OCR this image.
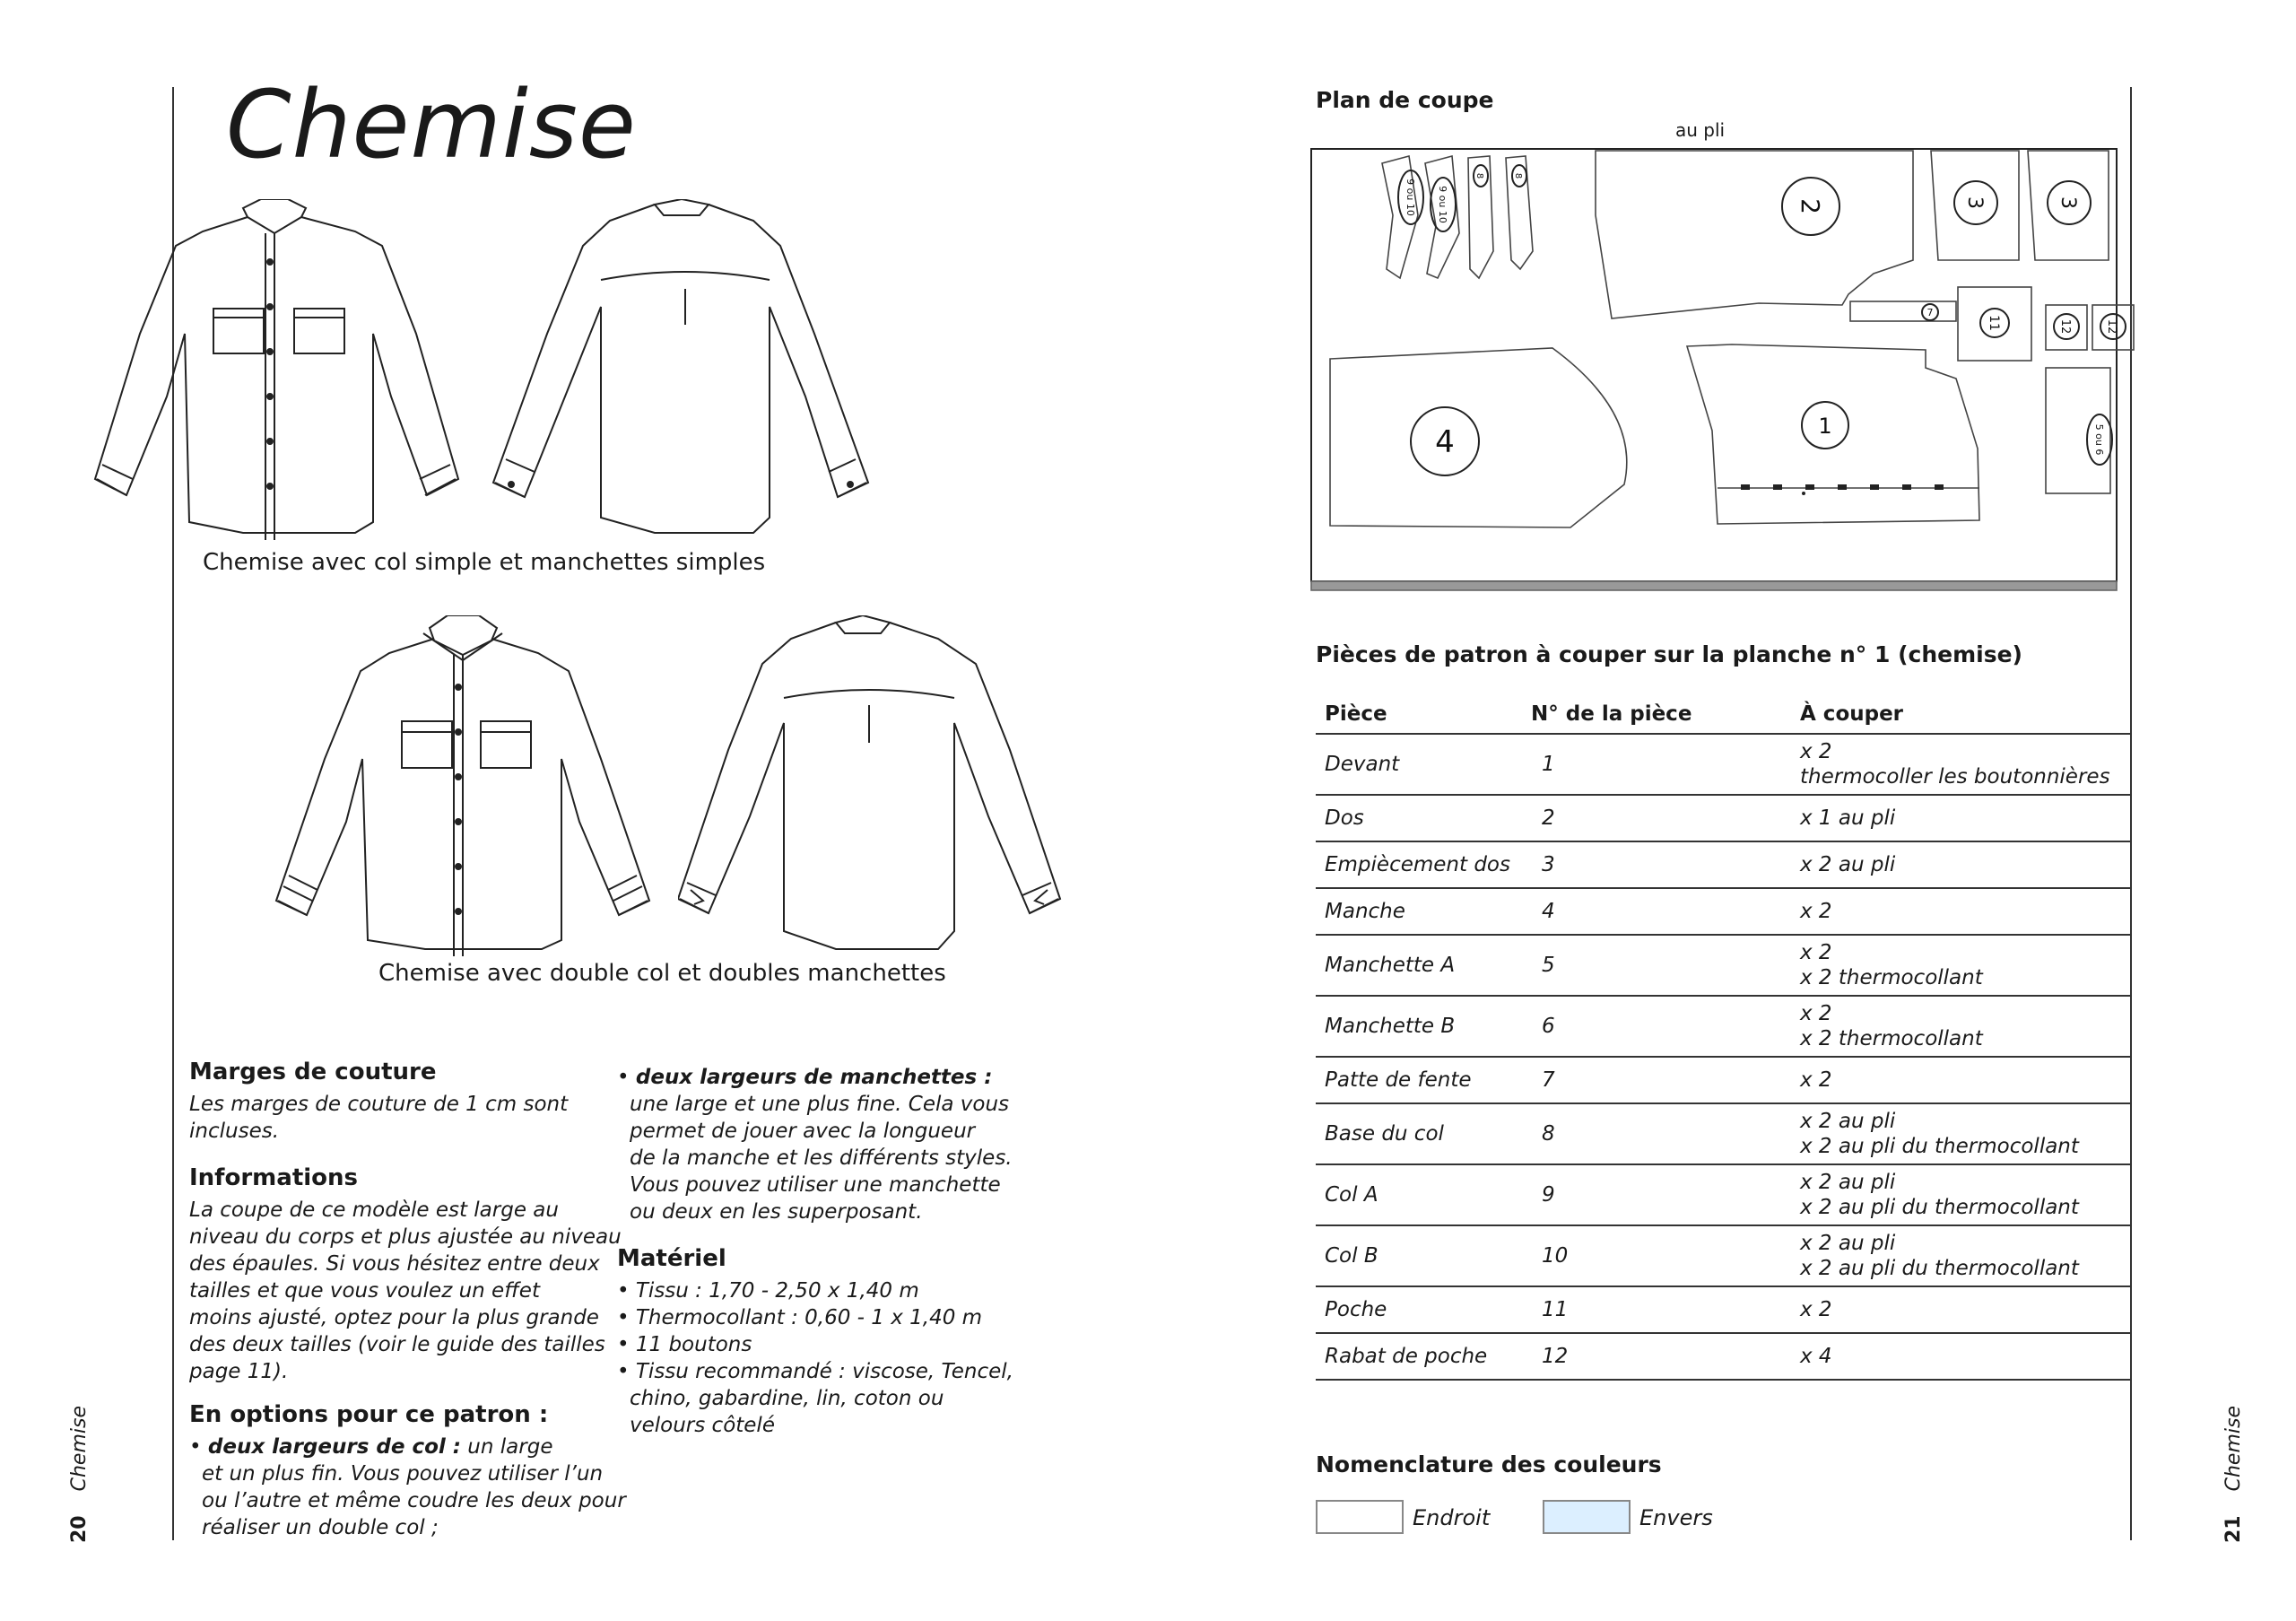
20 Chemise
Chemise
Chemise avec col simple et manchettes simples
Chemise avec double col et doubles manchettes
Marges de couture
Les marges de couture de 1 cm sont
incluses.
Informations
La coupe de ce modèle est large au
niveau du corps et plus ajustée au niveau
des épaules. Si vous hésitez entre deux
tailles et que vous voulez un effet
moins ajusté, optez pour la plus grande
des deux tailles (voir le guide des tailles
page 11).
En options pour ce patron :
• deux largeurs de col : un large
et un plus fin. Vous pouvez utiliser l’un
ou l’autre et même coudre les deux pour
réaliser un double col ;
• deux largeurs de manchettes :
une large et une plus fine. Cela vous
permet de jouer avec la longueur
de la manche et les différents styles.
Vous pouvez utiliser une manchette
ou deux en les superposant.
Matériel
• Tissu : 1,70 - 2,50 x 1,40 m
• Thermocollant : 0,60 - 1 x 1,40 m
• 11 boutons
• Tissu recommandé : viscose, Tencel,
chino, gabardine, lin, coton ou
velours côtelé
21 Chemise
Plan de coupe
au pli
1
2	3	3
4
7
11	12	12
8	8
9 ou 10 9 ou 10
5 ou 6
Pièces de patron à couper sur la planche n° 1 (chemise)
Pièce	N° de la pièce	À couper
Devant	1	x 2
thermocoller les boutonnières

Dos	2	x 1 au pli

Empiècement dos	3	x 2 au pli

Manche	4	x 2

Manchette A	5	x 2
x 2 thermocollant

Manchette B	6	x 2
x 2 thermocollant

Patte de fente	7	x 2

Base du col	8	x 2 au pli
x 2 au pli du thermocollant

Col A	9	x 2 au pli
x 2 au pli du thermocollant

Col B	10	x 2 au pli
x 2 au pli du thermocollant

Poche	11	x 2

Rabat de poche	12	x 4
Nomenclature des couleurs
Endroit	Envers
